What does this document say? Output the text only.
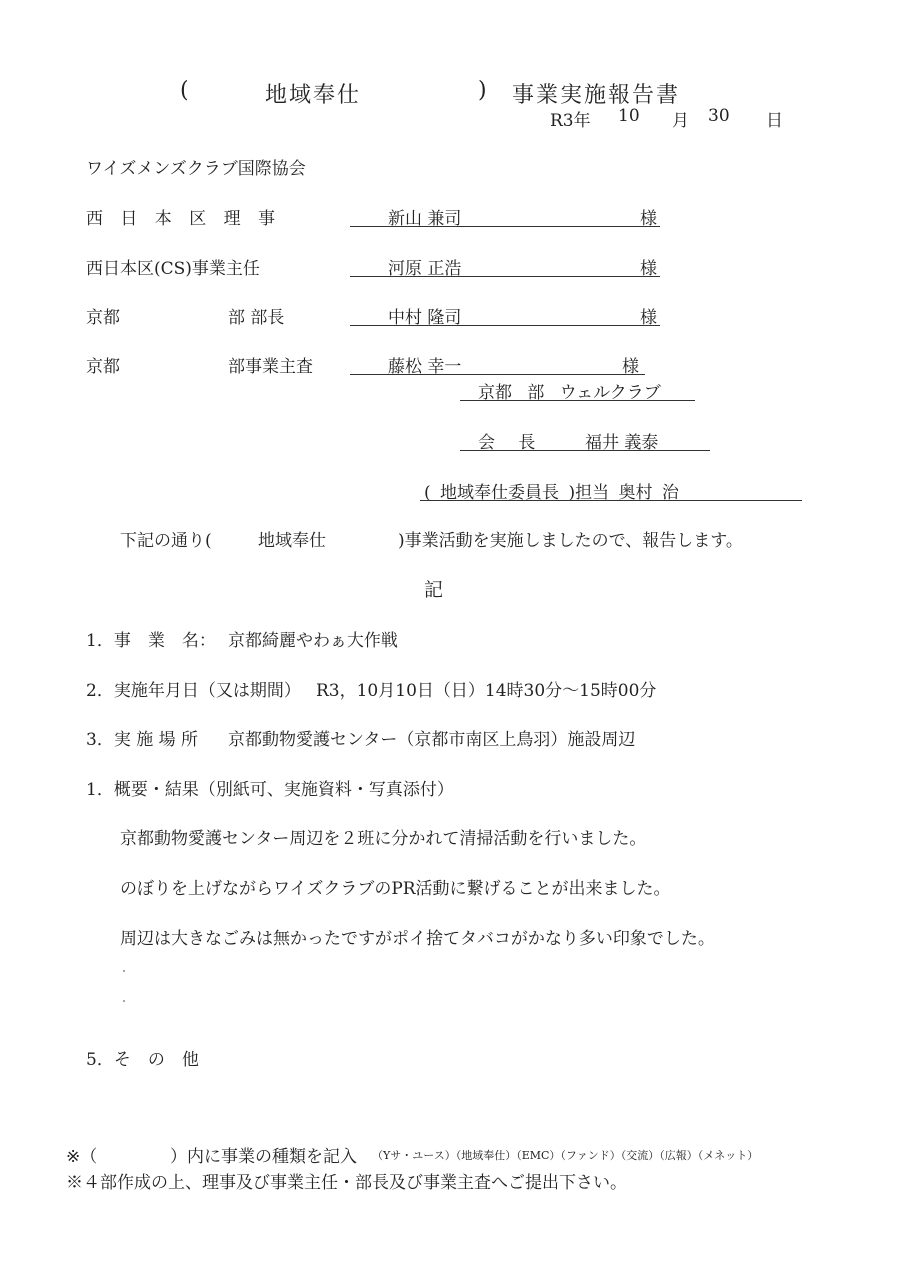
(	地域奉仕	) 事業実施報告書
R3年 10 月 30 日
ワイズメンズクラブ国際協会
西 日 本 区 理 事	新山 兼司	様
西日本区(CS)事業主任	河原 正浩	様
京都	部 部長	中村 隆司	様
京都	部事業主査	藤松 幸一	様
京都 部 ウェルクラブ
会 長	福井 義泰
( 地域奉仕委員長 )担当 奥村 治
下記の通り(	地域奉仕	)事業活動を実施しましたので、報告します。
記
1．事　業　名： 京都綺麗やわぁ大作戦
2．実施年月日（又は期間） R3，10月10日（日）14時30分～15時00分
3．実 施 場 所 京都動物愛護センター（京都市南区上鳥羽）施設周辺
1．概要・結果（別紙可、実施資料・写真添付）
京都動物愛護センター周辺を２班に分かれて清掃活動を行いました。
のぼりを上げながらワイズクラブのPR活動に繋げることが出来ました。
周辺は大きなごみは無かったですがポイ捨てタバコがかなり多い印象でした。
5．そ　の　他
※（	）内に事業の種類を記入 （Yサ・ユース）（地域奉仕）（EMC）（ファンド）（交流）（広報）（メネット）
※４部作成の上、理事及び事業主任・部長及び事業主査へご提出下さい。
